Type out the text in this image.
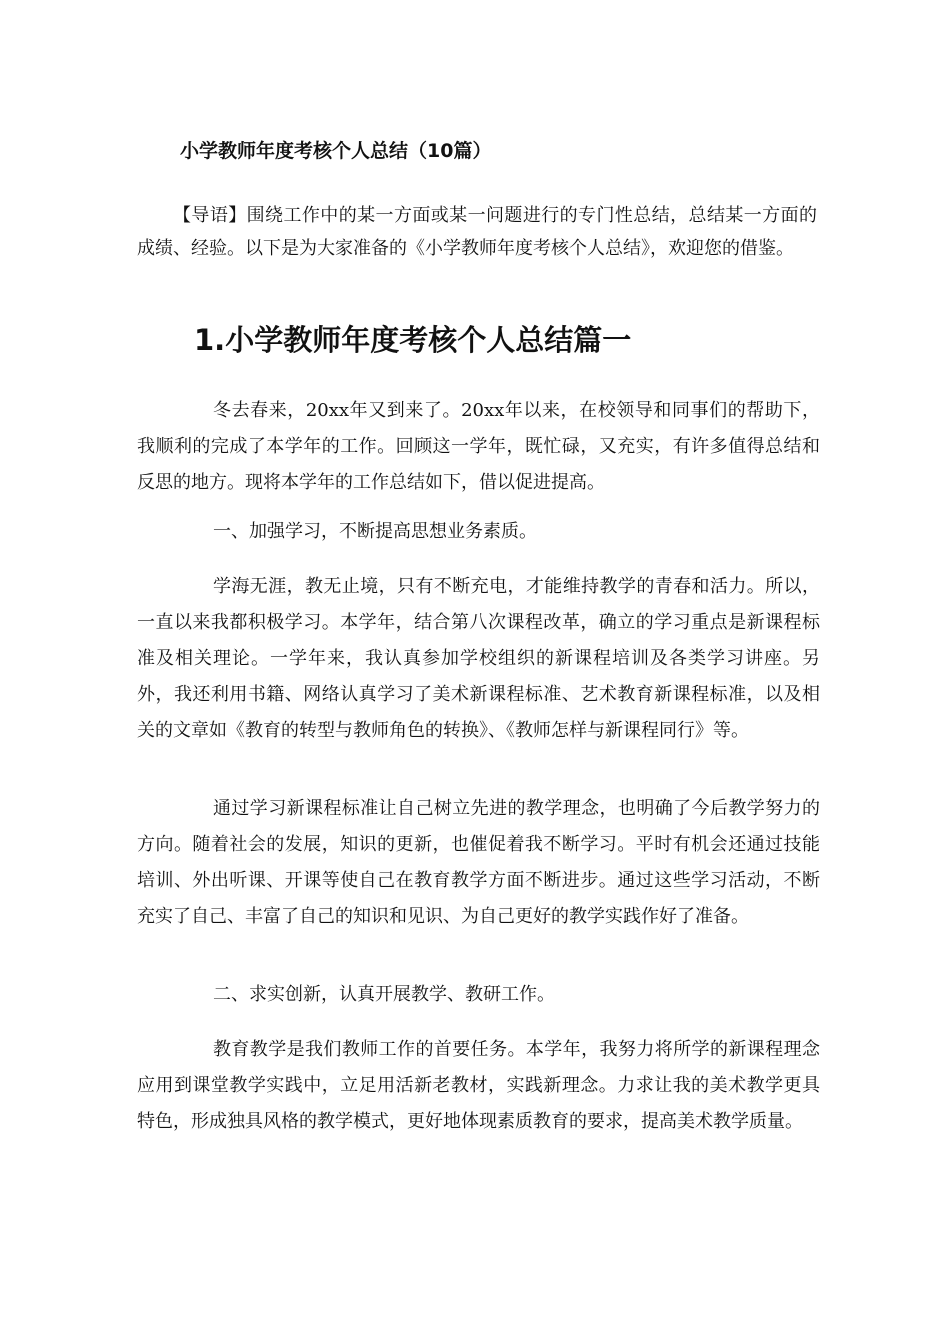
小学教师年度考核个人总结（10篇）

【导语】围绕工作中的某一方面或某一问题进行的专门性总结，总结某一方面的成绩、经验。以下是为大家准备的《小学教师年度考核个人总结》，欢迎您的借鉴。

1.小学教师年度考核个人总结篇一

冬去春来，20xx年又到来了。20xx年以来，在校领导和同事们的帮助下，我顺利的完成了本学年的工作。回顾这一学年，既忙碌，又充实，有许多值得总结和反思的地方。现将本学年的工作总结如下，借以促进提高。

一、加强学习，不断提高思想业务素质。

学海无涯，教无止境，只有不断充电，才能维持教学的青春和活力。所以，一直以来我都积极学习。本学年，结合第八次课程改革，确立的学习重点是新课程标准及相关理论。一学年来，我认真参加学校组织的新课程培训及各类学习讲座。另外，我还利用书籍、网络认真学习了美术新课程标准、艺术教育新课程标准，以及相关的文章如《教育的转型与教师角色的转换》、《教师怎样与新课程同行》等。

通过学习新课程标准让自己树立先进的教学理念，也明确了今后教学努力的方向。随着社会的发展，知识的更新，也催促着我不断学习。平时有机会还通过技能培训、外出听课、开课等使自己在教育教学方面不断进步。通过这些学习活动，不断充实了自己、丰富了自己的知识和见识、为自己更好的教学实践作好了准备。

二、求实创新，认真开展教学、教研工作。

教育教学是我们教师工作的首要任务。本学年，我努力将所学的新课程理念应用到课堂教学实践中，立足用活新老教材，实践新理念。力求让我的美术教学更具特色，形成独具风格的教学模式，更好地体现素质教育的要求，提高美术教学质量。
